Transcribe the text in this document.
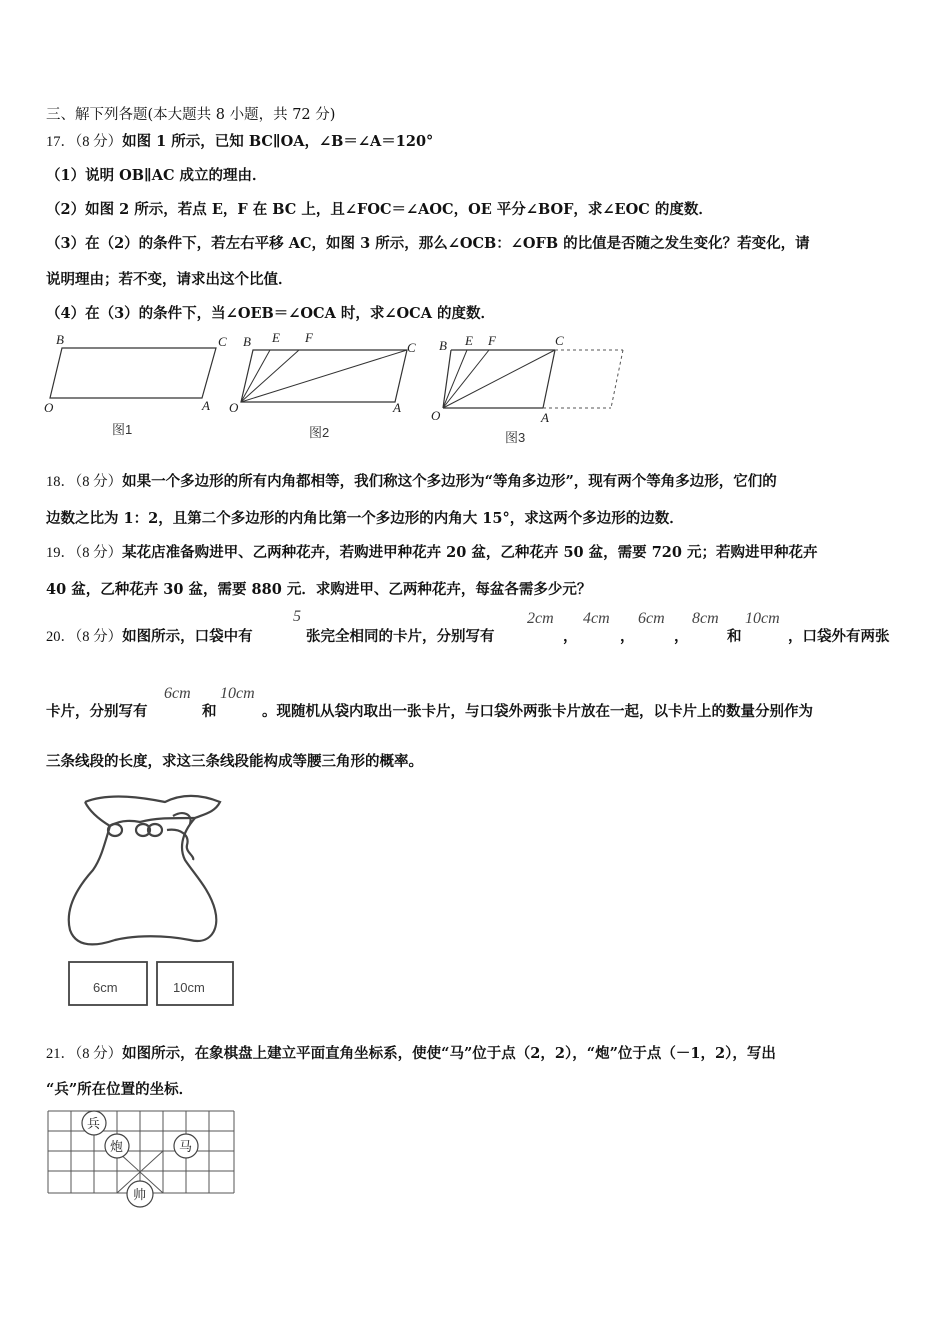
三、解下列各题(本大题共 8 小题，共 72 分)
17．（8 分）如图 1 所示，已知 BC∥OA，∠B＝∠A＝120°
（1）说明 OB∥AC 成立的理由．
（2）如图 2 所示，若点 E，F 在 BC 上，且∠FOC＝∠AOC，OE 平分∠BOF，求∠EOC 的度数．
（3）在（2）的条件下，若左右平移 AC，如图 3 所示，那么∠OCB：∠OFB 的比值是否随之发生变化？若变化，请
说明理由；若不变，请求出这个比值．
（4）在（3）的条件下，当∠OEB＝∠OCA 时，求∠OCA 的度数．
B	C
O	A
图1
B E F
C
O	A
图2
B E F	C
O	A
图3
18．（8 分）如果一个多边形的所有内角都相等，我们称这个多边形为“等角多边形”，现有两个等角多边形，它们的
边数之比为 1：2，且第二个多边形的内角比第一个多边形的内角大 15°，求这两个多边形的边数．
19．（8 分）某花店准备购进甲、乙两种花卉，若购进甲种花卉 20 盆，乙种花卉 50 盆，需要 720 元；若购进甲种花卉
40 盆，乙种花卉 30 盆，需要 880 元．求购进甲、乙两种花卉，每盆各需多少元？
20．（8 分）如图所示，口袋中有
5
张完全相同的卡片，分别写有
2cm
，
4cm
，
6cm
，
8cm
和
10cm
，口袋外有两张
卡片，分别写有
6cm
和
10cm
。现随机从袋内取出一张卡片，与口袋外两张卡片放在一起，以卡片上的数量分别作为
三条线段的长度，求这三条线段能构成等腰三角形的概率。
6cm	10cm
21．（8 分）如图所示，在象棋盘上建立平面直角坐标系，使使“马”位于点（2，2），“炮”位于点（－1，2），写出
“兵”所在位置的坐标．
兵
炮	马
帅
